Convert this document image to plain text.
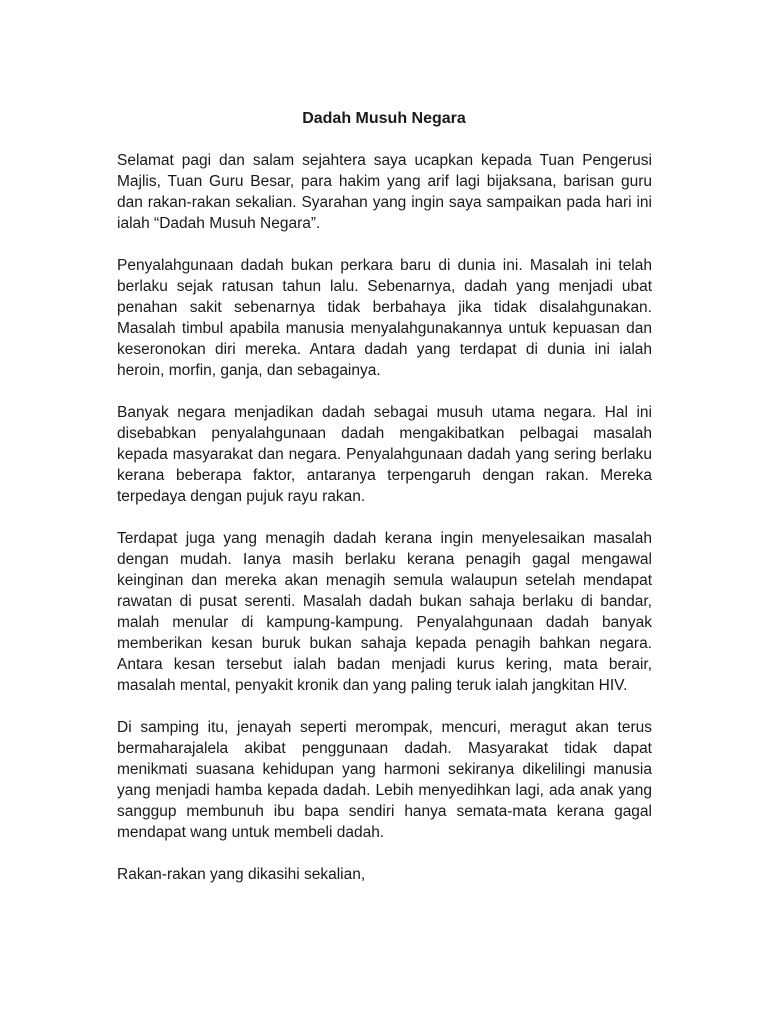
Dadah Musuh Negara

Selamat pagi dan salam sejahtera saya ucapkan kepada Tuan Pengerusi Majlis, Tuan Guru Besar, para hakim yang arif lagi bijaksana, barisan guru dan rakan-rakan sekalian. Syarahan yang ingin saya sampaikan pada hari ini ialah “Dadah Musuh Negara”.

Penyalahgunaan dadah bukan perkara baru di dunia ini. Masalah ini telah berlaku sejak ratusan tahun lalu. Sebenarnya, dadah yang menjadi ubat penahan sakit sebenarnya tidak berbahaya jika tidak disalahgunakan. Masalah timbul apabila manusia menyalahgunakannya untuk kepuasan dan keseronokan diri mereka. Antara dadah yang terdapat di dunia ini ialah heroin, morfin, ganja, dan sebagainya.

Banyak negara menjadikan dadah sebagai musuh utama negara. Hal ini disebabkan penyalahgunaan dadah mengakibatkan pelbagai masalah kepada masyarakat dan negara. Penyalahgunaan dadah yang sering berlaku kerana beberapa faktor, antaranya terpengaruh dengan rakan. Mereka terpedaya dengan pujuk rayu rakan.

Terdapat juga yang menagih dadah kerana ingin menyelesaikan masalah dengan mudah. Ianya masih berlaku kerana penagih gagal mengawal keinginan dan mereka akan menagih semula walaupun setelah mendapat rawatan di pusat serenti. Masalah dadah bukan sahaja berlaku di bandar, malah menular di kampung-kampung. Penyalahgunaan dadah banyak memberikan kesan buruk bukan sahaja kepada penagih bahkan negara. Antara kesan tersebut ialah badan menjadi kurus kering, mata berair, masalah mental, penyakit kronik dan yang paling teruk ialah jangkitan HIV.

Di samping itu, jenayah seperti merompak, mencuri, meragut akan terus bermaharajalela akibat penggunaan dadah. Masyarakat tidak dapat menikmati suasana kehidupan yang harmoni sekiranya dikelilingi manusia yang menjadi hamba kepada dadah. Lebih menyedihkan lagi, ada anak yang sanggup membunuh ibu bapa sendiri hanya semata-mata kerana gagal mendapat wang untuk membeli dadah.

Rakan-rakan yang dikasihi sekalian,
